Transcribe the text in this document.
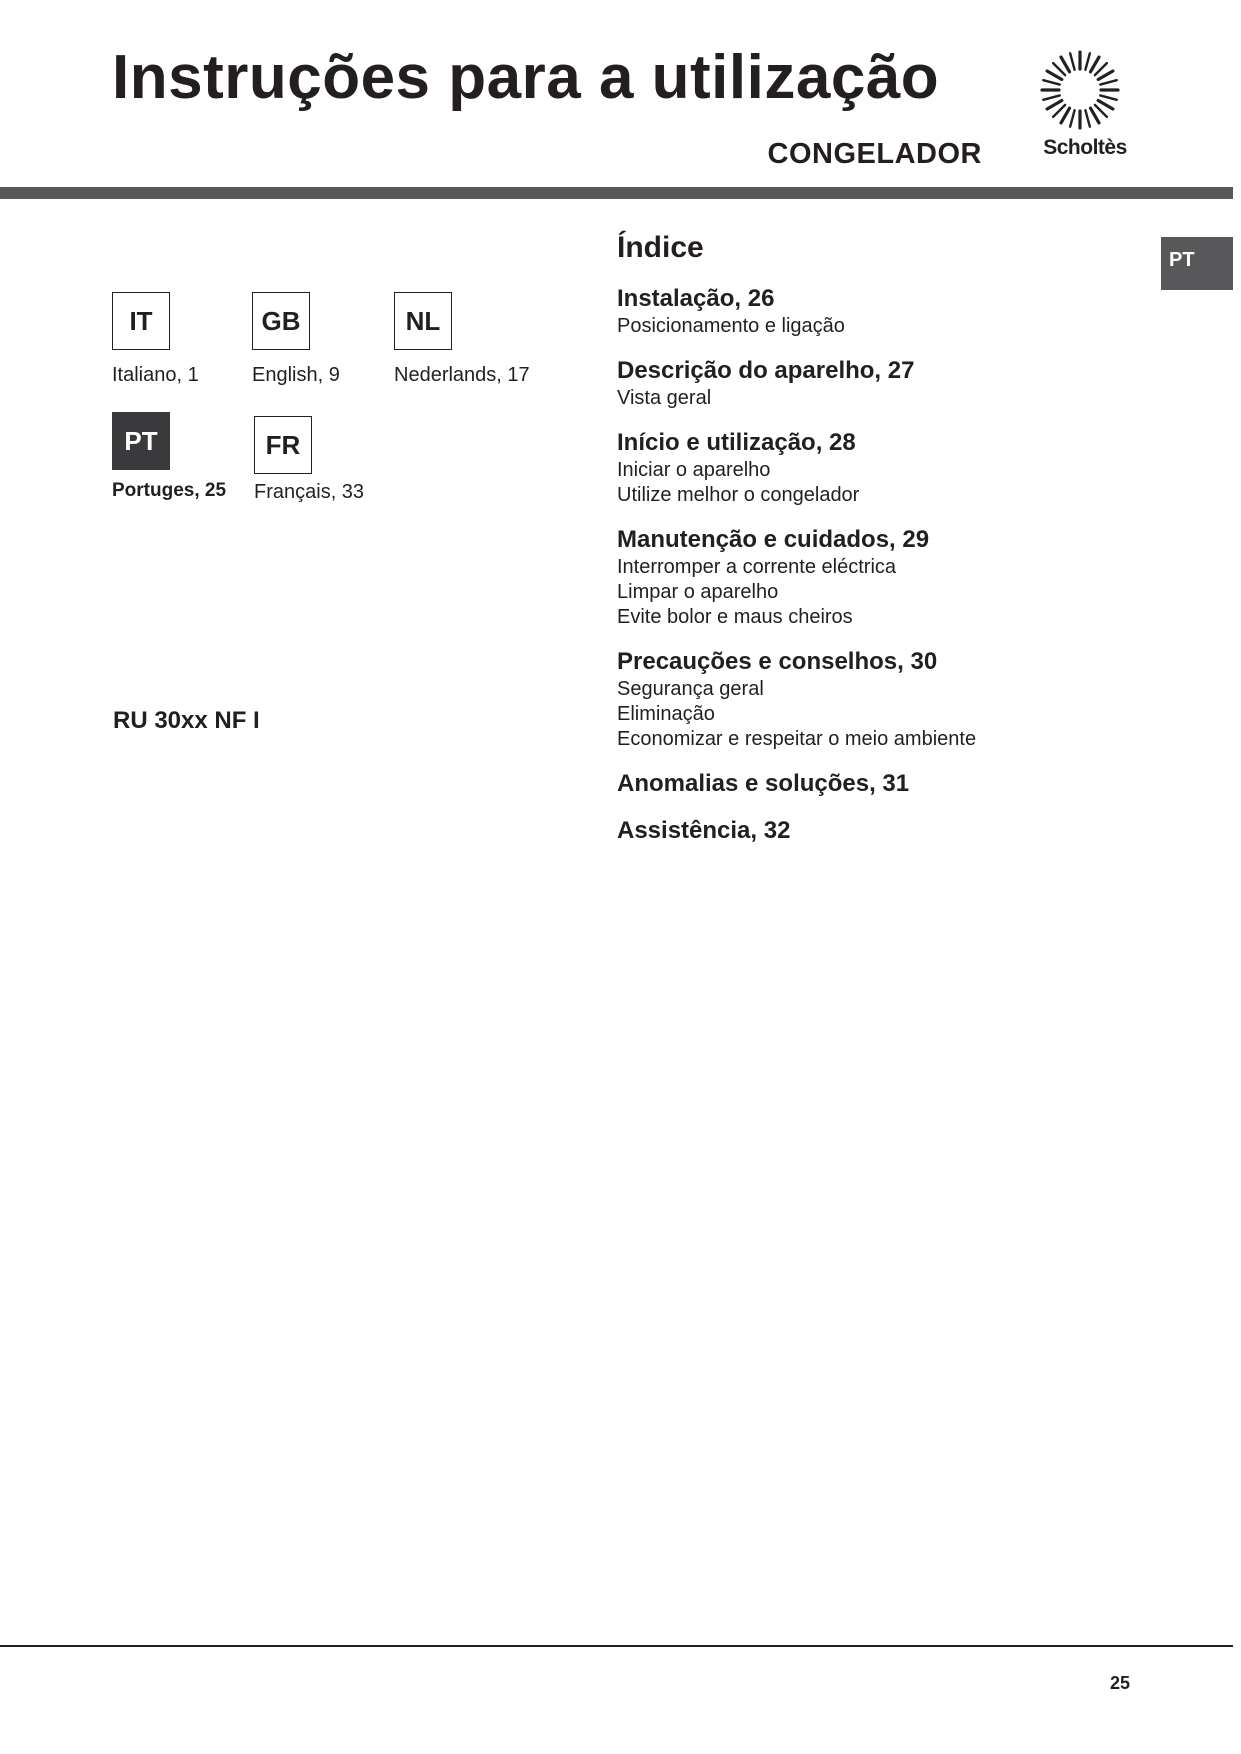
Instruções para a utilização
CONGELADOR	Scholtès
PT
IT
Italiano, 1
GB
English, 9
NL
Nederlands, 17
PT
Portuges, 25
FR
Français, 33
RU 30xx NF I
Índice
Instalação, 26
Posicionamento e ligação
Descrição do aparelho, 27
Vista geral
Início e utilização, 28
Iniciar o aparelho
Utilize melhor o congelador
Manutenção e cuidados, 29
Interromper a corrente eléctrica
Limpar o aparelho
Evite bolor e maus cheiros
Precauções e conselhos, 30
Segurança geral
Eliminação
Economizar e respeitar o meio ambiente
Anomalias e soluções, 31
Assistência, 32
25
